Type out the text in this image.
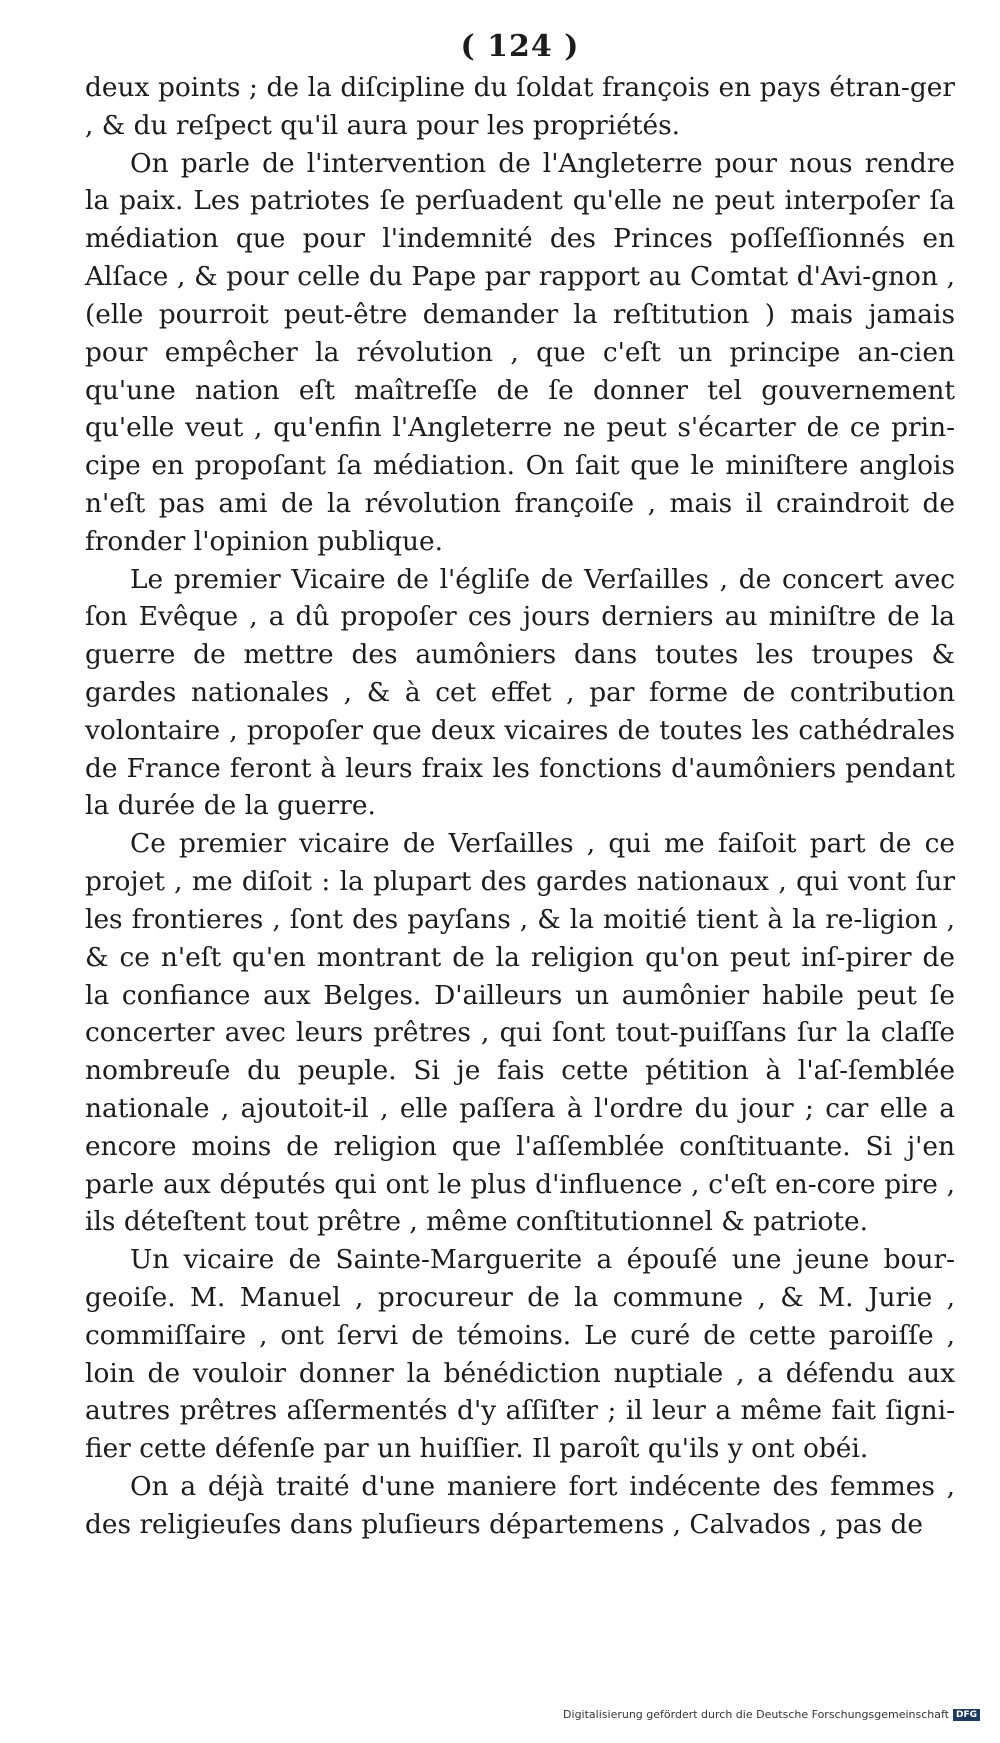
( 124 )
deux points ; de la diſcipline du ſoldat françois en pays étran-ger , & du reſpect qu'il aura pour les propriétés.
On parle de l'intervention de l'Angleterre pour nous rendre la paix. Les patriotes ſe perſuadent qu'elle ne peut interpoſer ſa médiation que pour l'indemnité des Princes poſſeſſionnés en Alſace , & pour celle du Pape par rapport au Comtat d'Avi-gnon , (elle pourroit peut-être demander la reſtitution ) mais jamais pour empêcher la révolution , que c'eſt un principe an-cien qu'une nation eſt maîtreſſe de ſe donner tel gouvernement qu'elle veut , qu'enfin l'Angleterre ne peut s'écarter de ce prin-cipe en propoſant ſa médiation. On ſait que le miniſtere anglois n'eſt pas ami de la révolution françoiſe , mais il craindroit de fronder l'opinion publique.
Le premier Vicaire de l'égliſe de Verſailles , de concert avec ſon Evêque , a dû propoſer ces jours derniers au miniſtre de la guerre de mettre des aumôniers dans toutes les troupes & gardes nationales , & à cet effet , par forme de contribution volontaire , propoſer que deux vicaires de toutes les cathédrales de France feront à leurs fraix les fonctions d'aumôniers pendant la durée de la guerre.
Ce premier vicaire de Verſailles , qui me faiſoit part de ce projet , me diſoit : la plupart des gardes nationaux , qui vont ſur les frontieres , ſont des payſans , & la moitié tient à la re-ligion , & ce n'eſt qu'en montrant de la religion qu'on peut inſ-pirer de la confiance aux Belges. D'ailleurs un aumônier habile peut ſe concerter avec leurs prêtres , qui ſont tout-puiſſans ſur la claſſe nombreuſe du peuple. Si je fais cette pétition à l'aſ-ſemblée nationale , ajoutoit-il , elle paſſera à l'ordre du jour ; car elle a encore moins de religion que l'aſſemblée conſtituante. Si j'en parle aux députés qui ont le plus d'influence , c'eſt en-core pire , ils déteſtent tout prêtre , même conſtitutionnel & patriote.
Un vicaire de Sainte-Marguerite a épouſé une jeune bour-geoiſe. M. Manuel , procureur de la commune , & M. Jurie , commiſſaire , ont ſervi de témoins. Le curé de cette paroiſſe , loin de vouloir donner la bénédiction nuptiale , a défendu aux autres prêtres aſſermentés d'y aſſiſter ; il leur a même fait ſigni-fier cette défenſe par un huiſſier. Il paroît qu'ils y ont obéi.
On a déjà traité d'une maniere fort indécente des femmes , des religieuſes dans pluſieurs départemens , Calvados , pas de
Digitalisierung gefördert durch die Deutsche Forschungsgemeinschaft DFG
